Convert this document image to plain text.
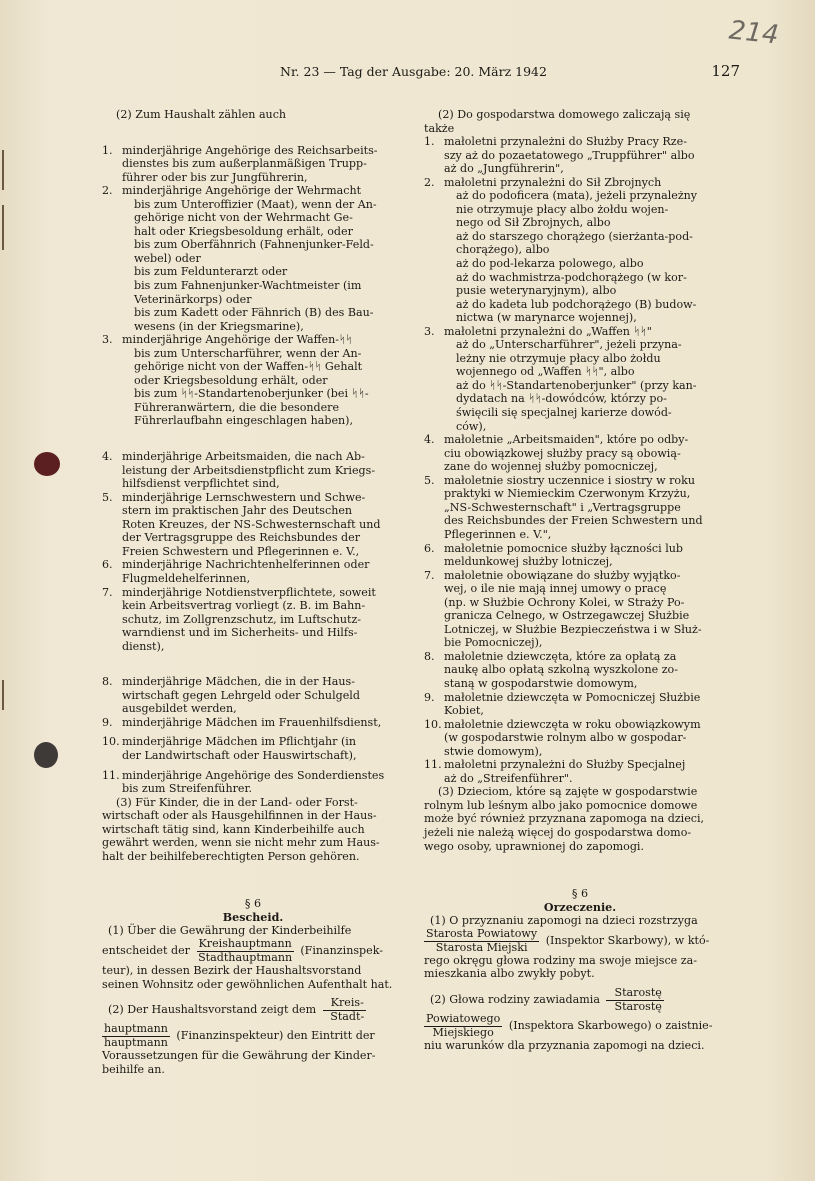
214
Nr. 23 — Tag der Ausgabe: 20. März 1942	127

(2) Zum Haushalt zählen auch

1. minderjährige Angehörige des Reichsarbeits-

dienstes bis zum außerplanmäßigen Trupp-

führer oder bis zur Jungführerin,

2. minderjährige Angehörige der Wehrmacht

bis zum Unteroffizier (Maat), wenn der An-

gehörige nicht von der Wehrmacht Ge-

halt oder Kriegsbesoldung erhält, oder

bis zum Oberfähnrich (Fahnenjunker-Feld-

webel) oder

bis zum Feldunterarzt oder

bis zum Fahnenjunker-Wachtmeister (im

Veterinärkorps) oder

bis zum Kadett oder Fähnrich (B) des Bau-

wesens (in der Kriegsmarine),

3. minderjährige Angehörige der Waffen-ᛋᛋ

bis zum Unterscharführer, wenn der An-

gehörige nicht von der Waffen-ᛋᛋ Gehalt

oder Kriegsbesoldung erhält, oder

bis zum ᛋᛋ-Standartenoberjunker (bei ᛋᛋ-

Führeranwärtern, die die besondere

Führerlaufbahn eingeschlagen haben),

4. minderjährige Arbeitsmaiden, die nach Ab-

leistung der Arbeitsdienstpflicht zum Kriegs-

hilfsdienst verpflichtet sind,

5. minderjährige Lernschwestern und Schwe-

stern im praktischen Jahr des Deutschen

Roten Kreuzes, der NS-Schwesternschaft und

der Vertragsgruppe des Reichsbundes der

Freien Schwestern und Pflegerinnen e. V.,

6. minderjährige Nachrichtenhelferinnen oder

Flugmeldehelferinnen,

7. minderjährige Notdienstverpflichtete, soweit

kein Arbeitsvertrag vorliegt (z. B. im Bahn-

schutz, im Zollgrenzschutz, im Luftschutz-

warndienst und im Sicherheits- und Hilfs-

dienst),

8. minderjährige Mädchen, die in der Haus-

wirtschaft gegen Lehrgeld oder Schulgeld

ausgebildet werden,

9. minderjährige Mädchen im Frauenhilfsdienst,

10. minderjährige Mädchen im Pflichtjahr (in

der Landwirtschaft oder Hauswirtschaft),

11. minderjährige Angehörige des Sonderdienstes

bis zum Streifenführer.

(3) Für Kinder, die in der Land- oder Forst-

wirtschaft oder als Hausgehilfinnen in der Haus-

wirtschaft tätig sind, kann Kinderbeihilfe auch

gewährt werden, wenn sie nicht mehr zum Haus-

halt der beihilfeberechtigten Person gehören.

§ 6
Bescheid.

(1) Über die Gewährung der Kinderbeihilfe

entscheidet der $\frac{\text{Kreishauptmann}}{\text{Stadthauptmann}}$ (Finanzinspek-

teur), in dessen Bezirk der Haushaltsvorstand

seinen Wohnsitz oder gewöhnlichen Aufenthalt hat.

(2) Der Haushaltsvorstand zeigt dem $\frac{\text{Kreis-}}{\text{Stadt-}}$

$\frac{\text{hauptmann}}{\text{hauptmann}}$ (Finanzinspekteur) den Eintritt der

Voraussetzungen für die Gewährung der Kinder-

beihilfe an.

(2) Do gospodarstwa domowego zaliczają się

także

1. małoletni przynależni do Służby Pracy Rze-

szy aż do pozaetatowego „Truppführer" albo

aż do „Jungführerin",

2. małoletni przynależni do Sił Zbrojnych

aż do podoficera (mata), jeżeli przynależny

nie otrzymuje płacy albo żołdu wojen-

nego od Sił Zbrojnych, albo

aż do starszego chorążego (sierżanta-pod-

chorążego), albo

aż do pod-lekarza polowego, albo

aż do wachmistrza-podchorążego (w kor-

pusie weterynaryjnym), albo

aż do kadeta lub podchorążego (B) budow-

nictwa (w marynarce wojennej),

3. małoletni przynależni do „Waffen ᛋᛋ"

aż do „Unterscharführer", jeżeli przyna-

leżny nie otrzymuje płacy albo żołdu

wojennego od „Waffen ᛋᛋ", albo

aż do ᛋᛋ-Standartenoberjunker" (przy kan-

dydatach na ᛋᛋ-dowódców, którzy po-

święcili się specjalnej karierze dowód-

ców),

4. małoletnie „Arbeitsmaiden", które po odby-

ciu obowiązkowej służby pracy są obowią-

zane do wojennej służby pomocniczej,

5. małoletnie siostry uczennice i siostry w roku

praktyki w Niemieckim Czerwonym Krzyżu,

„NS-Schwesternschaft" i „Vertragsgruppe

des Reichsbundes der Freien Schwestern und

Pflegerinnen e. V.",

6. małoletnie pomocnice służby łączności lub

meldunkowej służby lotniczej,

7. małoletnie obowiązane do służby wyjątko-

wej, o ile nie mają innej umowy o pracę

(np. w Służbie Ochrony Kolei, w Straży Po-

granicza Celnego, w Ostrzegawczej Służbie

Lotniczej, w Służbie Bezpieczeństwa i w Służ-

bie Pomocniczej),

8. małoletnie dziewczęta, które za opłatą za

naukę albo opłatą szkolną wyszkolone zo-

staną w gospodarstwie domowym,

9. małoletnie dziewczęta w Pomocniczej Służbie

Kobiet,

10. małoletnie dziewczęta w roku obowiązkowym

(w gospodarstwie rolnym albo w gospodar-

stwie domowym),

11. małoletni przynależni do Służby Specjalnej

aż do „Streifenführer".

(3) Dzieciom, które są zajęte w gospodarstwie

rolnym lub leśnym albo jako pomocnice domowe

może być również przyznana zapomoga na dzieci,

jeżeli nie należą więcej do gospodarstwa domo-

wego osoby, uprawnionej do zapomogi.

§ 6
Orzeczenie.

(1) O przyznaniu zapomogi na dzieci rozstrzyga

$\frac{\text{Starosta Powiatowy}}{\text{Starosta Miejski}}$ (Inspektor Skarbowy), w któ-

rego okręgu głowa rodziny ma swoje miejsce za-

mieszkania albo zwykły pobyt.

(2) Głowa rodziny zawiadamia $\frac{\text{Starostę}}{\text{Starostę}}$

$\frac{\text{Powiatowego}}{\text{Miejskiego}}$ (Inspektora Skarbowego) o zaistnie-

niu warunków dla przyznania zapomogi na dzieci.
